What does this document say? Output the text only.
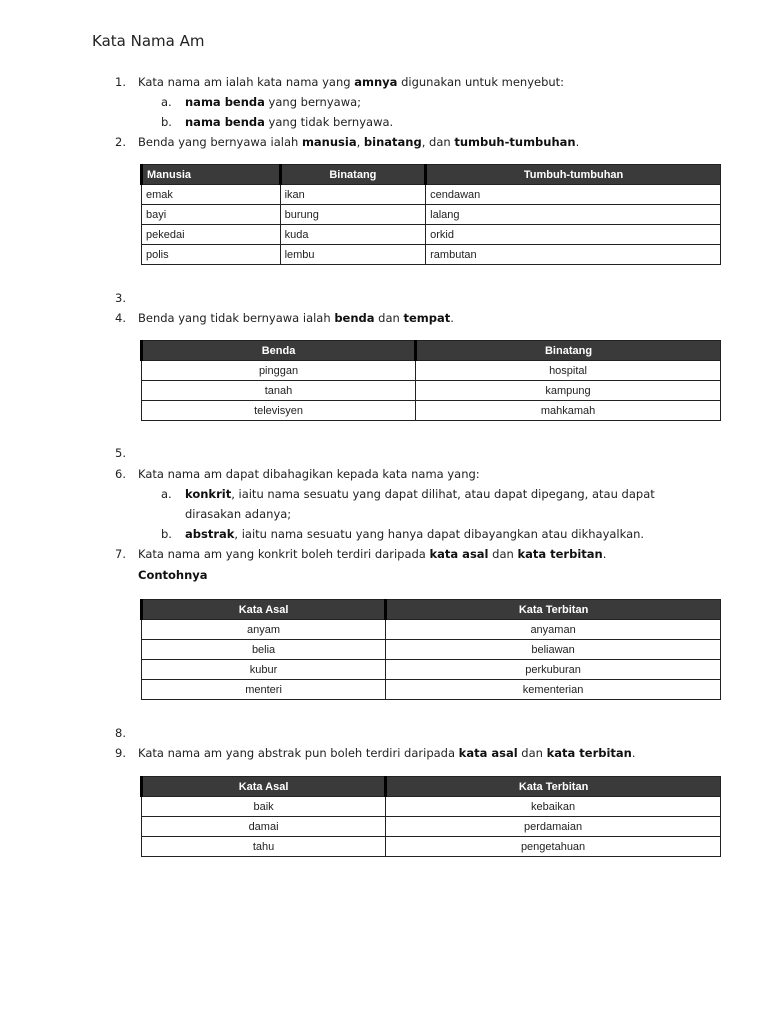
Kata Nama Am
1. Kata nama am ialah kata nama yang amnya digunakan untuk menyebut:
a. nama benda yang bernyawa;
b. nama benda yang tidak bernyawa.
2. Benda yang bernyawa ialah manusia, binatang, dan tumbuh-tumbuhan.
Manusia	Binatang	Tumbuh-tumbuhan
emak	ikan	cendawan
bayi	burung	lalang
pekedai	kuda	orkid
polis	lembu	rambutan
3.
4. Benda yang tidak bernyawa ialah benda dan tempat.
Benda	Binatang
pinggan	hospital
tanah	kampung
televisyen	mahkamah
5.
6. Kata nama am dapat dibahagikan kepada kata nama yang:
a. konkrit, iaitu nama sesuatu yang dapat dilihat, atau dapat dipegang, atau dapat
dirasakan adanya;
b. abstrak, iaitu nama sesuatu yang hanya dapat dibayangkan atau dikhayalkan.
7. Kata nama am yang konkrit boleh terdiri daripada kata asal dan kata terbitan.
Contohnya
Kata Asal	Kata Terbitan
anyam	anyaman
belia	beliawan
kubur	perkuburan
menteri	kementerian
8.
9. Kata nama am yang abstrak pun boleh terdiri daripada kata asal dan kata terbitan.
Kata Asal	Kata Terbitan
baik	kebaikan
damai	perdamaian
tahu	pengetahuan
